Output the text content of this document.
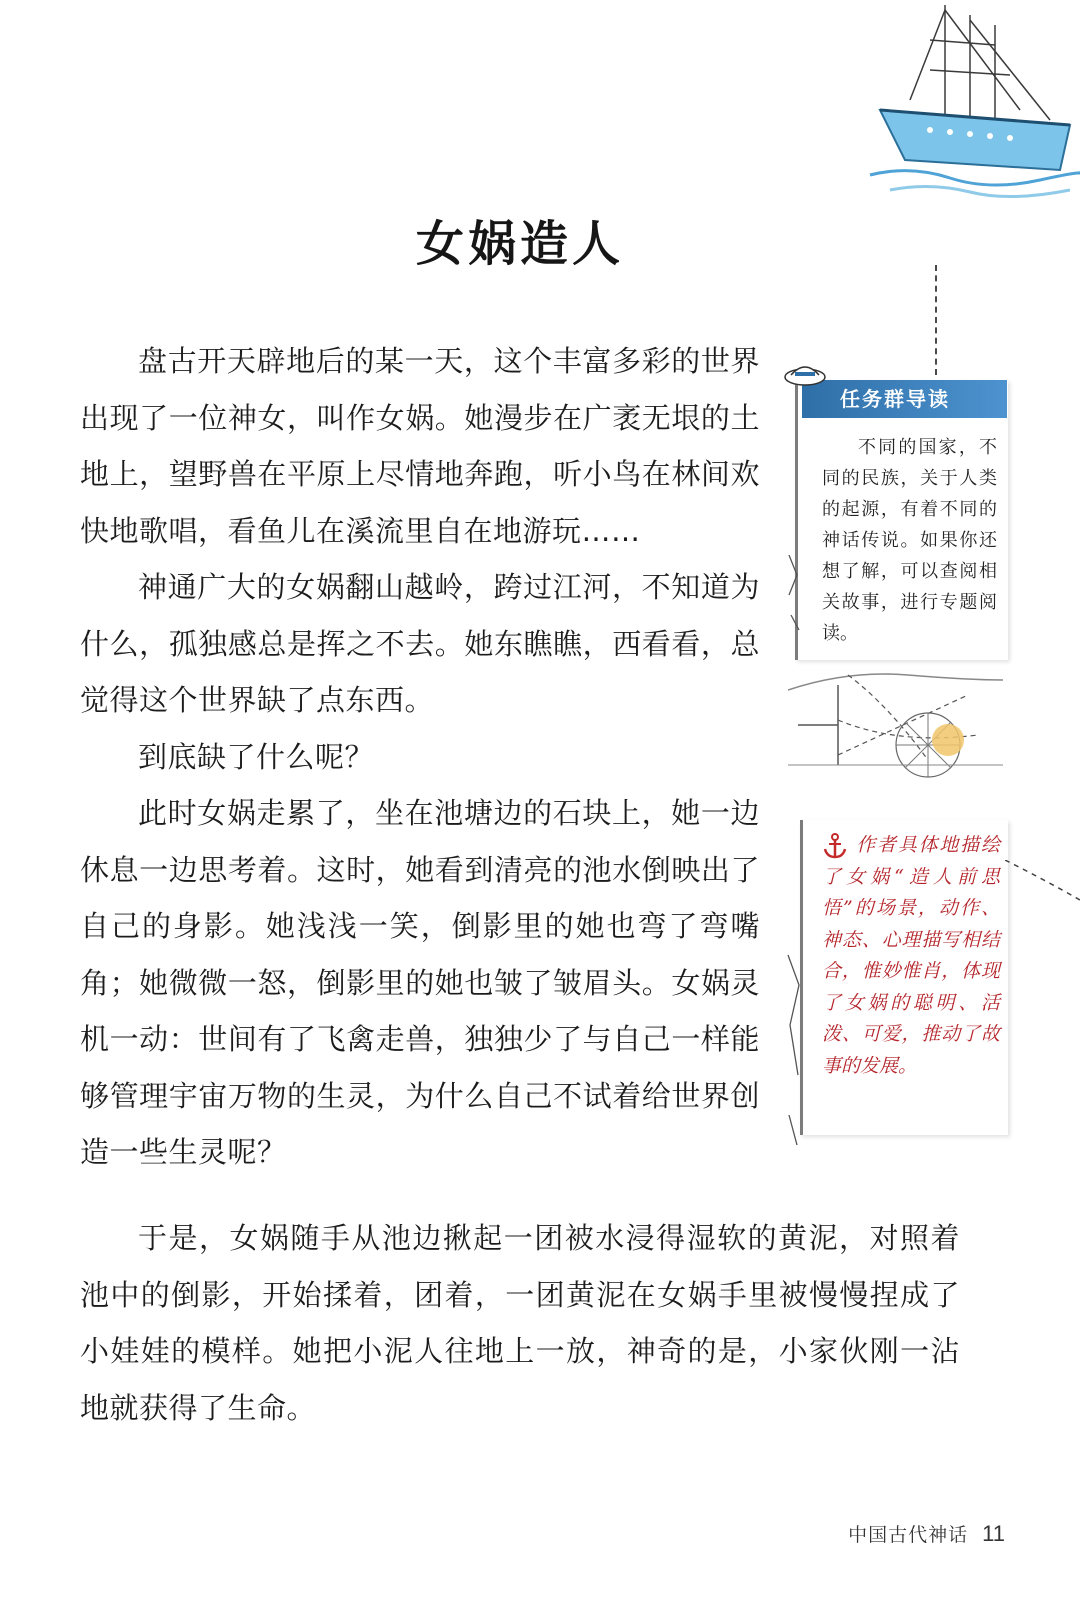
女娲造人

盘古开天辟地后的某一天，这个丰富多彩的世界出现了一位神女，叫作女娲。她漫步在广袤无垠的土地上，望野兽在平原上尽情地奔跑，听小鸟在林间欢快地歌唱，看鱼儿在溪流里自在地游玩……

神通广大的女娲翻山越岭，跨过江河，不知道为什么，孤独感总是挥之不去。她东瞧瞧，西看看，总觉得这个世界缺了点东西。

到底缺了什么呢？

此时女娲走累了，坐在池塘边的石块上，她一边休息一边思考着。这时，她看到清亮的池水倒映出了自己的身影。她浅浅一笑，倒影里的她也弯了弯嘴角；她微微一怒，倒影里的她也皱了皱眉头。女娲灵机一动：世间有了飞禽走兽，独独少了与自己一样能够管理宇宙万物的生灵，为什么自己不试着给世界创造一些生灵呢？

于是，女娲随手从池边揪起一团被水浸得湿软的黄泥，对照着池中的倒影，开始揉着，团着，一团黄泥在女娲手里被慢慢捏成了小娃娃的模样。她把小泥人往地上一放，神奇的是，小家伙刚一沾地就获得了生命。

任务群导读

不同的国家，不同的民族，关于人类的起源，有着不同的神话传说。如果你还想了解，可以查阅相关故事，进行专题阅读。

作者具体地描绘了女娲“造人前思悟”的场景，动作、神态、心理描写相结合，惟妙惟肖，体现了女娲的聪明、活泼、可爱，推动了故事的发展。

中国古代神话 11
